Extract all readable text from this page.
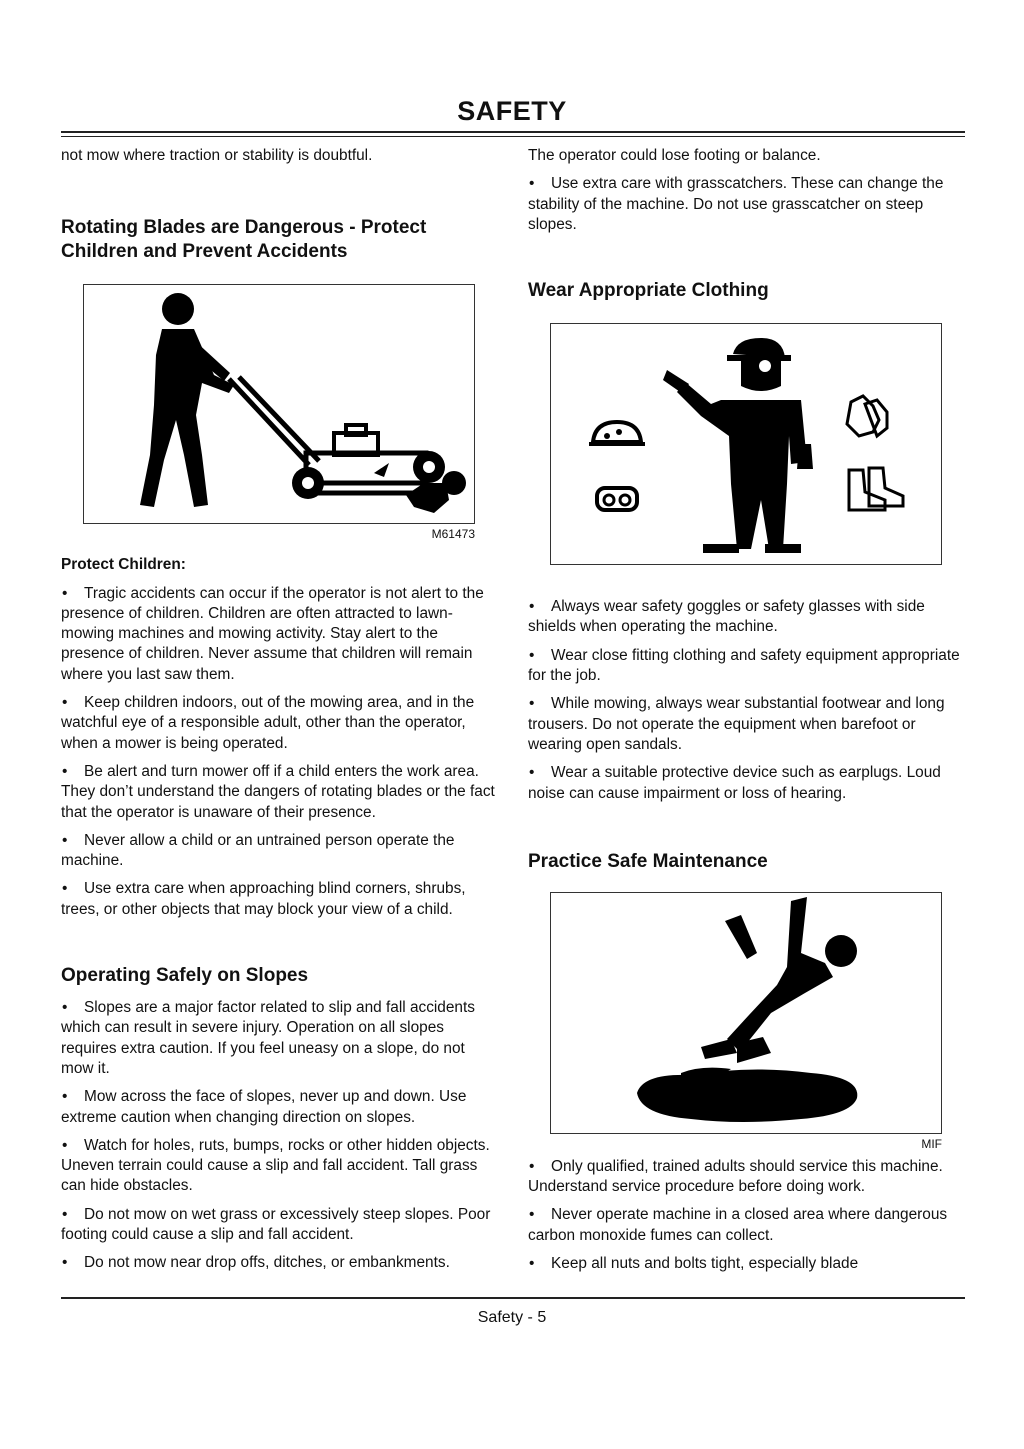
SAFETY

not mow where traction or stability is doubtful.

Rotating Blades are Dangerous - Protect Children and Prevent Accidents
M61473
Protect Children:

• Tragic accidents can occur if the operator is not alert to the presence of children. Children are often attracted to lawn-mowing machines and mowing activity. Stay alert to the presence of children. Never assume that children will remain where you last saw them.

• Keep children indoors, out of the mowing area, and in the watchful eye of a responsible adult, other than the operator, when a mower is being operated.

• Be alert and turn mower off if a child enters the work area. They don’t understand the dangers of rotating blades or the fact that the operator is unaware of their presence.

• Never allow a child or an untrained person operate the machine.

• Use extra care when approaching blind corners, shrubs, trees, or other objects that may block your view of a child.

Operating Safely on Slopes

• Slopes are a major factor related to slip and fall accidents which can result in severe injury. Operation on all slopes requires extra caution. If you feel uneasy on a slope, do not mow it.

• Mow across the face of slopes, never up and down. Use extreme caution when changing direction on slopes.

• Watch for holes, ruts, bumps, rocks or other hidden objects. Uneven terrain could cause a slip and fall accident. Tall grass can hide obstacles.

• Do not mow on wet grass or excessively steep slopes. Poor footing could cause a slip and fall accident.

• Do not mow near drop offs, ditches, or embankments.

The operator could lose footing or balance.

• Use extra care with grasscatchers. These can change the stability of the machine. Do not use grasscatcher on steep slopes.

Wear Appropriate Clothing

• Always wear safety goggles or safety glasses with side shields when operating the machine.

• Wear close fitting clothing and safety equipment appropriate for the job.

• While mowing, always wear substantial footwear and long trousers. Do not operate the equipment when barefoot or wearing open sandals.

• Wear a suitable protective device such as earplugs. Loud noise can cause impairment or loss of hearing.

Practice Safe Maintenance
MIF

• Only qualified, trained adults should service this machine. Understand service procedure before doing work.

• Never operate machine in a closed area where dangerous carbon monoxide fumes can collect.

• Keep all nuts and bolts tight, especially blade

Safety - 5
